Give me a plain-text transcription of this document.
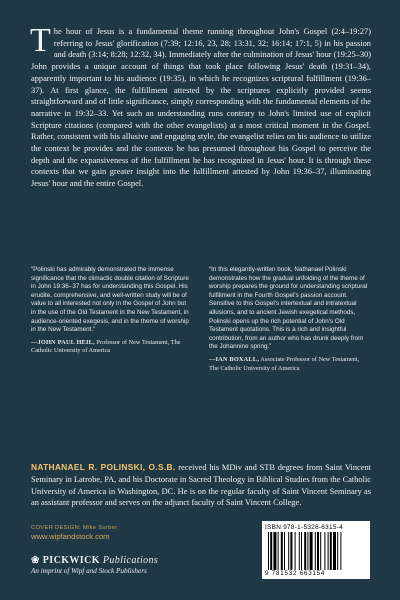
T he hour of Jesus is a fundamental theme running throughout John's Gospel (2:4–19:27) referring to Jesus' glorification (7:39; 12:16, 23, 28; 13:31, 32; 16:14; 17:1, 5) in his passion and death (3:14; 8:28; 12:32, 34). Immediately after the culmination of Jesus' hour (19:25–30) John provides a unique account of things that took place following Jesus' death (19:31–34), apparently important to his audience (19:35), in which he recognizes scriptural fulfillment (19:36–37). At first glance, the fulfillment attested by the scriptures explicitly provided seems straightforward and of little significance, simply corresponding with the fundamental elements of the narrative in 19:32–33. Yet such an understanding runs contrary to John's limited use of explicit Scripture citations (compared with the other evangelists) at a most critical moment in the Gospel. Rather, consistent with his allusive and engaging style, the evangelist relies on his audience to utilize the context he provides and the contexts he has presumed throughout his Gospel to perceive the depth and the expansiveness of the fulfillment he has recognized in Jesus' hour. It is through these contexts that we gain greater insight into the fulfillment attested by John 19:36–37, illuminating Jesus' hour and the entire Gospel.
“Polinski has admirably demonstrated the immense significance that the climactic double citation of Scripture in John 19:36–37 has for understanding this Gospel. His erudite, comprehensive, and well-written study will be of value to all interested not only in the Gospel of John but in the use of the Old Testament in the New Testament, in audience-oriented exegesis, and in the theme of worship in the New Testament.”
—JOHN PAUL HEIL, Professor of New Testament, The Catholic University of America
“In this elegantly-written book, Nathanael Polinski demonstrates how the gradual unfolding of the theme of worship prepares the ground for understanding scriptural fulfillment in the Fourth Gospel's passion account. Sensitive to this Gospel's intertextual and intratextual allusions, and to ancient Jewish exegetical methods, Polinski opens up the rich potential of John's Old Testament quotations. This is a rich and insightful contribution, from an author who has drunk deeply from the Johannine spring.”
—IAN BOXALL, Associate Professor of New Testament, The Catholic University of America
NATHANAEL R. POLINSKI, O.S.B. received his MDiv and STB degrees from Saint Vincent Seminary in Latrobe, PA, and his Doctorate in Sacred Theology in Biblical Studies from the Catholic University of America in Washington, DC. He is on the regular faculty of Saint Vincent Seminary as an assistant professor and serves on the adjunct faculty of Saint Vincent College.
COVER DESIGN: Mike Surber
www.wipfandstock.com
❀ PICKWICK Publications
An imprint of Wipf and Stock Publishers
ISBN 978-1-5326-6315-4
9 781532 663154
